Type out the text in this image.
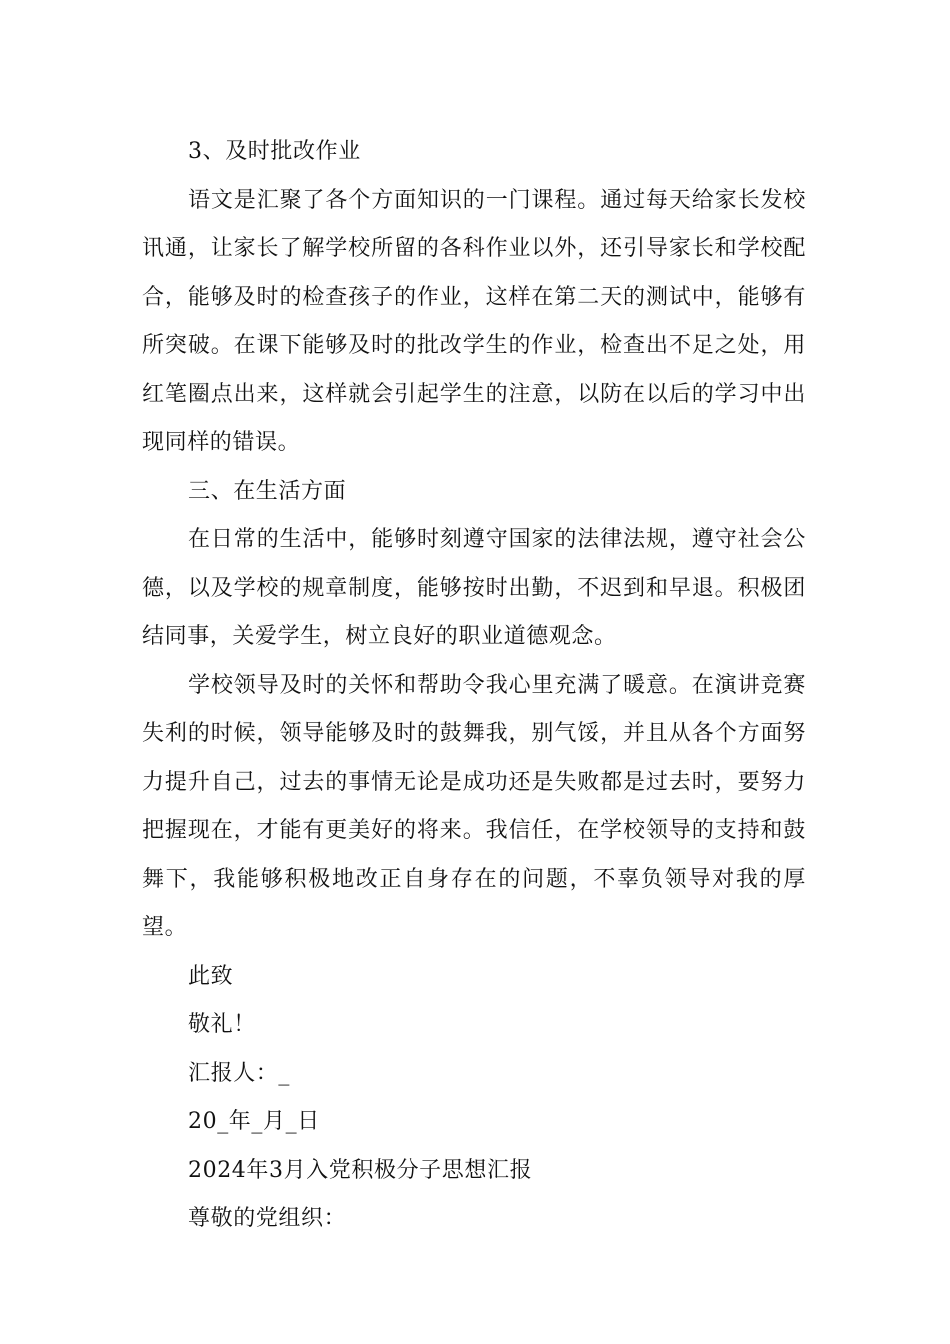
3、及时批改作业

语文是汇聚了各个方面知识的一门课程。通过每天给家长发校讯通，让家长了解学校所留的各科作业以外，还引导家长和学校配合，能够及时的检查孩子的作业，这样在第二天的测试中，能够有所突破。在课下能够及时的批改学生的作业，检查出不足之处，用红笔圈点出来，这样就会引起学生的注意，以防在以后的学习中出现同样的错误。

三、在生活方面

在日常的生活中，能够时刻遵守国家的法律法规，遵守社会公德，以及学校的规章制度，能够按时出勤，不迟到和早退。积极团结同事，关爱学生，树立良好的职业道德观念。

学校领导及时的关怀和帮助令我心里充满了暖意。在演讲竞赛失利的时候，领导能够及时的鼓舞我，别气馁，并且从各个方面努力提升自己，过去的事情无论是成功还是失败都是过去时，要努力把握现在，才能有更美好的将来。我信任，在学校领导的支持和鼓舞下，我能够积极地改正自身存在的问题，不辜负领导对我的厚望。

此致

敬礼！

汇报人：_

20_年_月_日

2024年3月入党积极分子思想汇报

尊敬的党组织：
